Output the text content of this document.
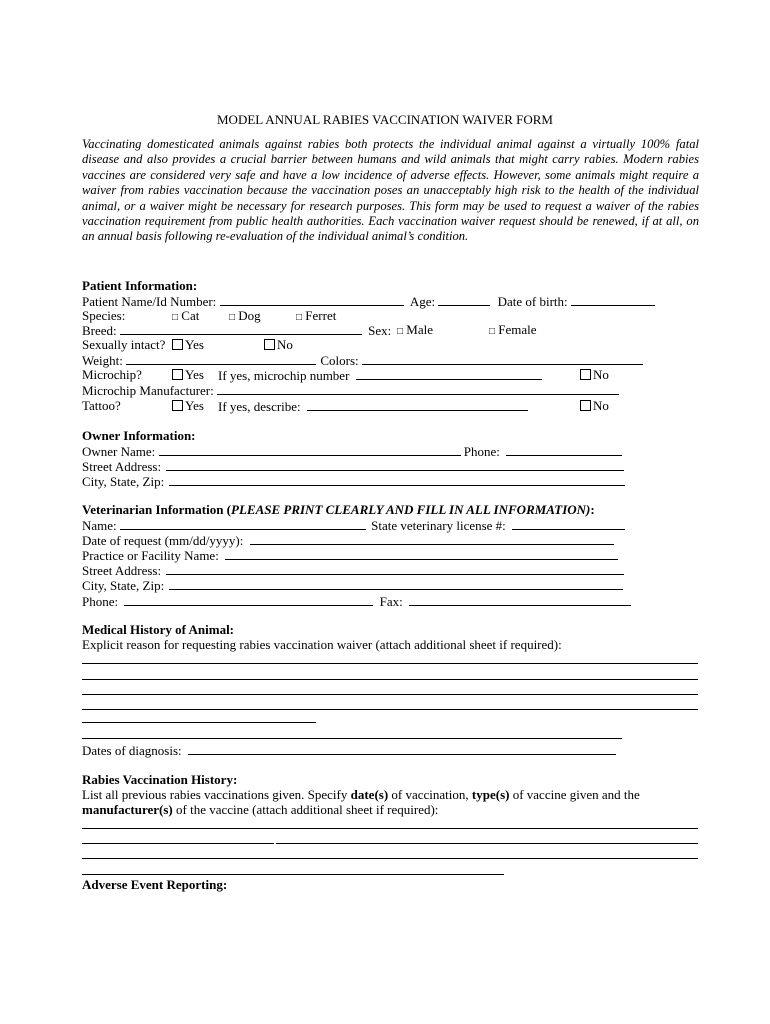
MODEL ANNUAL RABIES VACCINATION WAIVER FORM
Vaccinating domesticated animals against rabies both protects the individual animal against a virtually 100% fatal disease and also provides a crucial barrier between humans and wild animals that might carry rabies. Modern rabies vaccines are considered very safe and have a low incidence of adverse effects. However, some animals might require a waiver from rabies vaccination because the vaccination poses an unacceptably high risk to the health of the individual animal, or a waiver might be necessary for research purposes. This form may be used to request a waiver of the rabies vaccination requirement from public health authorities. Each vaccination waiver request should be renewed, if at all, on an annual basis following re-evaluation of the individual animal’s condition.
Patient Information:
Patient Name/Id Number:	Age:	Date of birth:
Species:	□ Cat	□ Dog	□ Ferret
Breed:	Sex: □ Male	□ Female
Sexually intact?	Yes	No
Weight:	Colors:
Microchip?	Yes If yes, microchip number	No
Microchip Manufacturer:
Tattoo?	Yes If yes, describe:	No
Owner Information:
Owner Name:	Phone:
Street Address:
City, State, Zip:
Veterinarian Information (PLEASE PRINT CLEARLY AND FILL IN ALL INFORMATION):
Name:	State veterinary license #:
Date of request (mm/dd/yyyy):
Practice or Facility Name:
Street Address:
City, State, Zip:
Phone:	Fax:
Medical History of Animal:
Explicit reason for requesting rabies vaccination waiver (attach additional sheet if required):
Dates of diagnosis:
Rabies Vaccination History:
List all previous rabies vaccinations given. Specify date(s) of vaccination, type(s) of vaccine given and the
manufacturer(s) of the vaccine (attach additional sheet if required):
Adverse Event Reporting:
